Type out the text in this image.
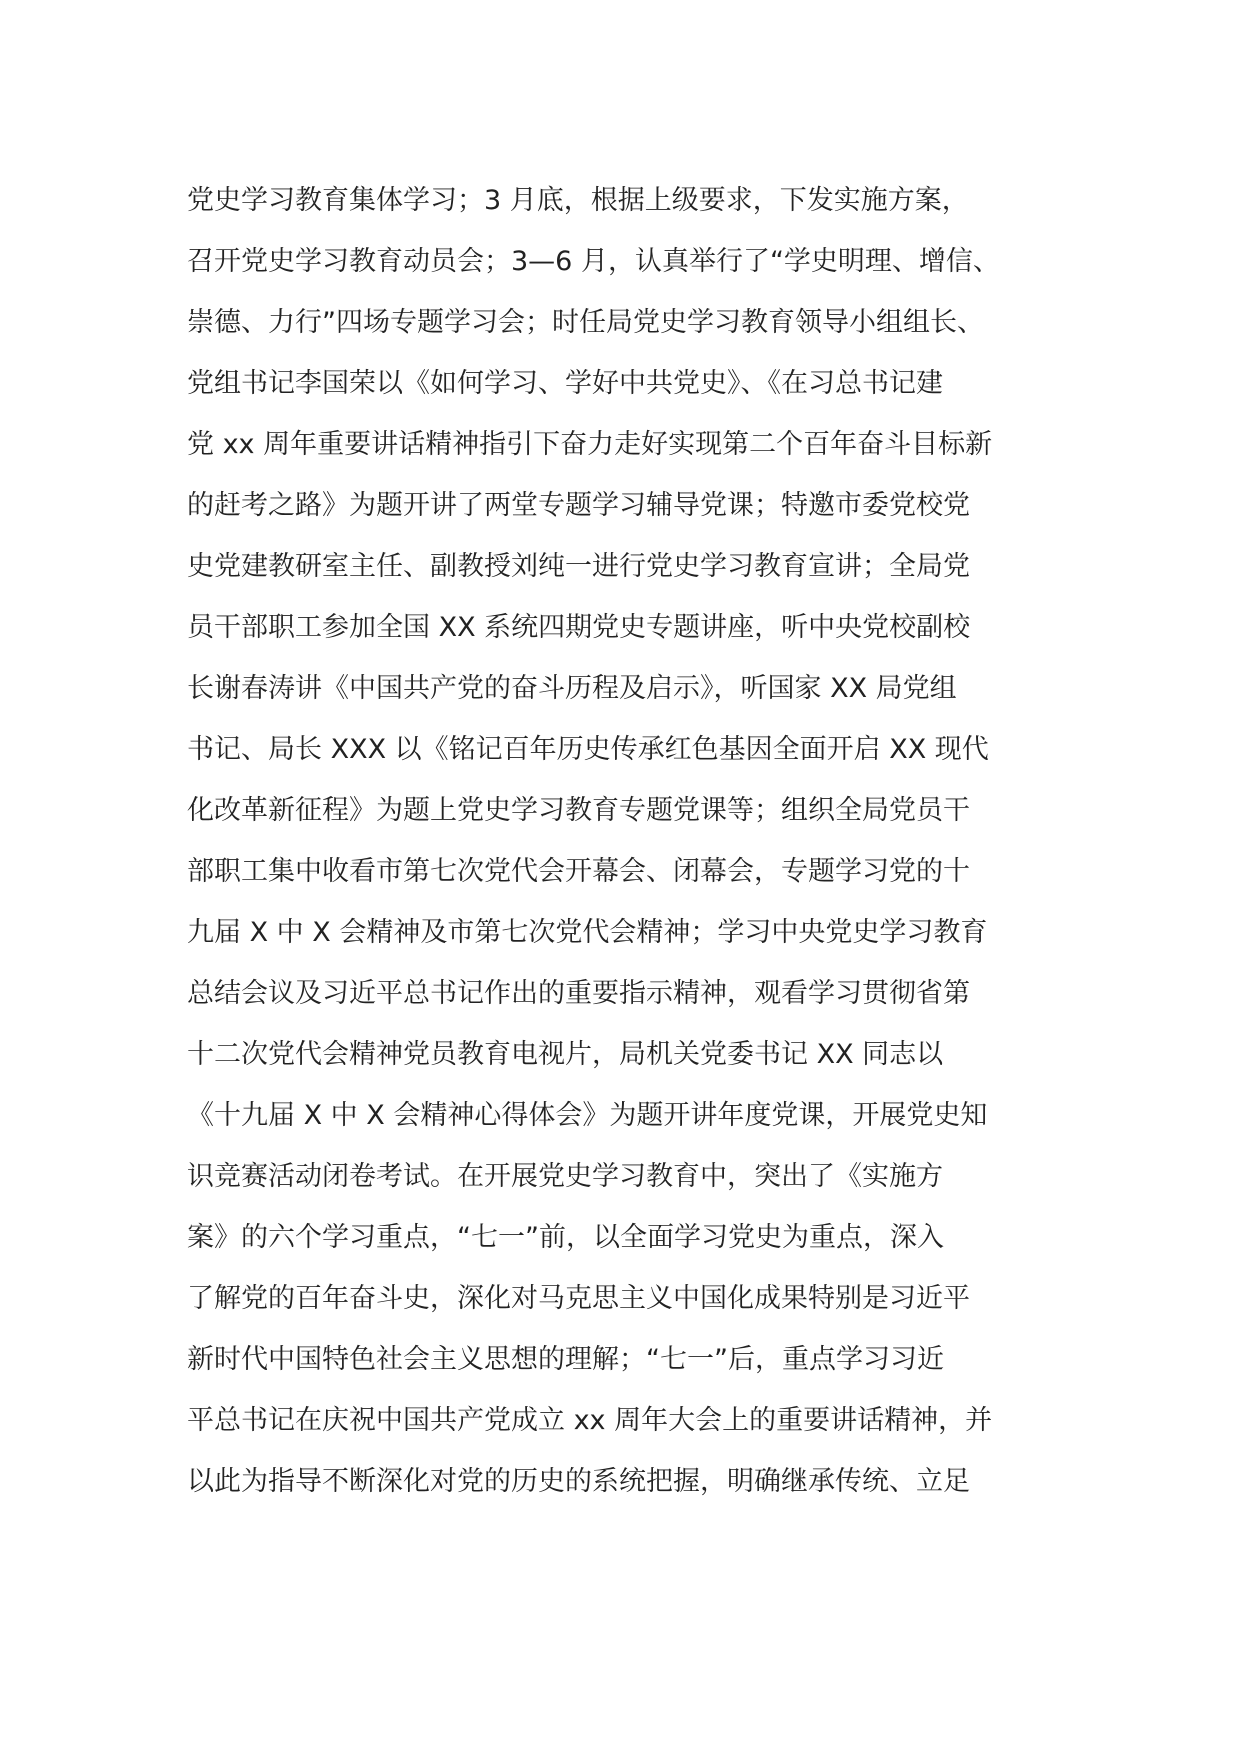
党史学习教育集体学习；3 月底，根据上级要求，下发实施方案，
召开党史学习教育动员会；3—6 月，认真举行了“学史明理、增信、
崇德、力行”四场专题学习会；时任局党史学习教育领导小组组长、
党组书记李国荣以《如何学习、学好中共党史》、《在习总书记建
党 xx 周年重要讲话精神指引下奋力走好实现第二个百年奋斗目标新
的赶考之路》为题开讲了两堂专题学习辅导党课；特邀市委党校党
史党建教研室主任、副教授刘纯一进行党史学习教育宣讲；全局党
员干部职工参加全国 XX 系统四期党史专题讲座，听中央党校副校
长谢春涛讲《中国共产党的奋斗历程及启示》，听国家 XX 局党组
书记、局长 XXX 以《铭记百年历史传承红色基因全面开启 XX 现代
化改革新征程》为题上党史学习教育专题党课等；组织全局党员干
部职工集中收看市第七次党代会开幕会、闭幕会，专题学习党的十
九届 X 中 X 会精神及市第七次党代会精神；学习中央党史学习教育
总结会议及习近平总书记作出的重要指示精神，观看学习贯彻省第
十二次党代会精神党员教育电视片，局机关党委书记 XX 同志以
《十九届 X 中 X 会精神心得体会》为题开讲年度党课，开展党史知
识竞赛活动闭卷考试。在开展党史学习教育中，突出了《实施方
案》的六个学习重点，“七一”前，以全面学习党史为重点，深入
了解党的百年奋斗史，深化对马克思主义中国化成果特别是习近平
新时代中国特色社会主义思想的理解；“七一”后，重点学习习近
平总书记在庆祝中国共产党成立 xx 周年大会上的重要讲话精神，并
以此为指导不断深化对党的历史的系统把握，明确继承传统、立足
